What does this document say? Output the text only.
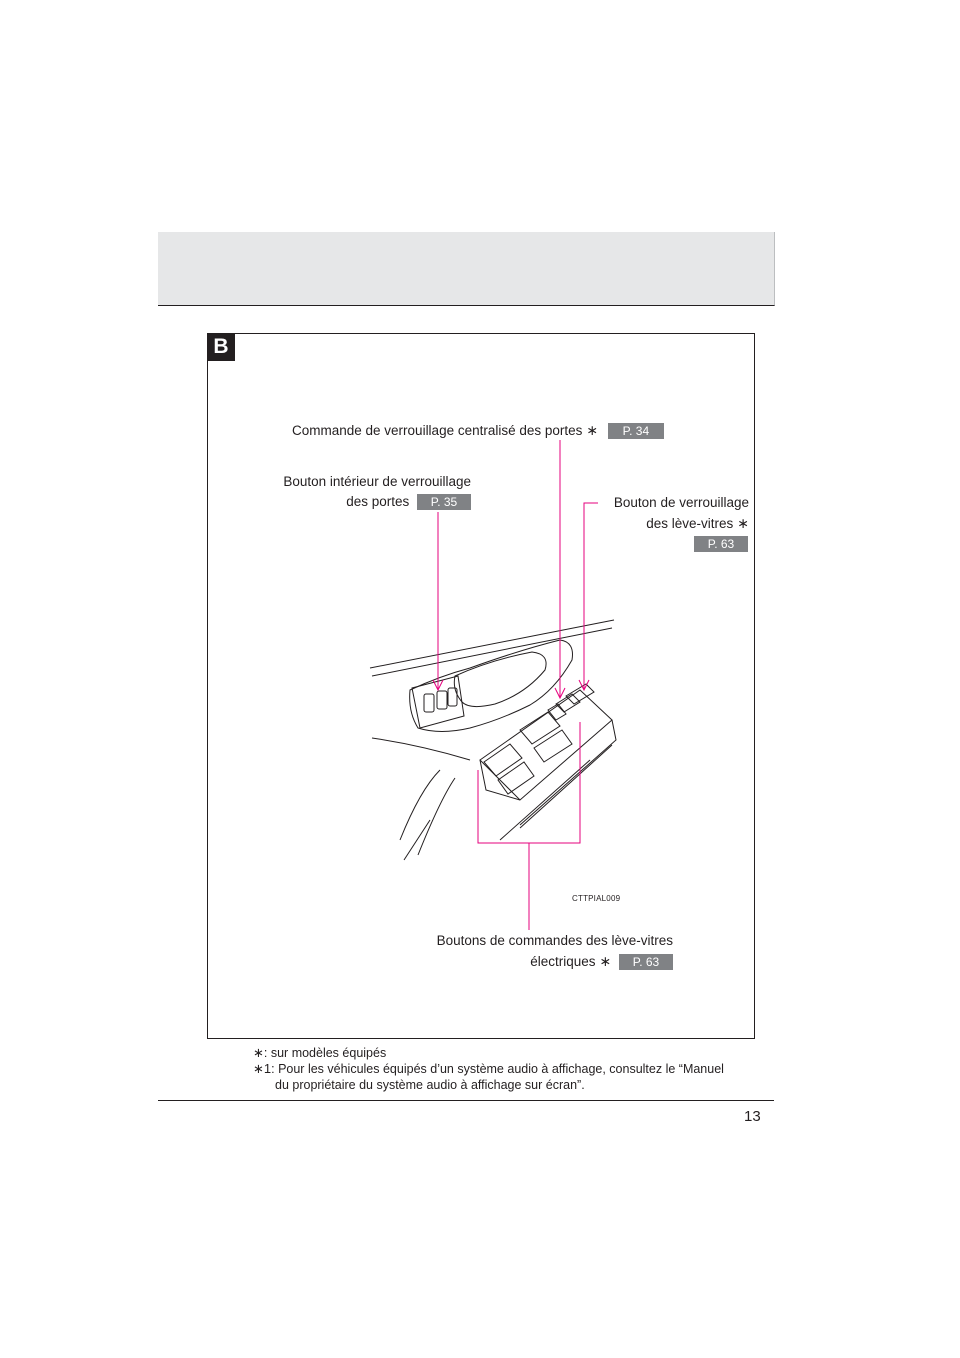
B
Commande de verrouillage centralisé des portes ∗ P. 34
Bouton intérieur de verrouillage
des portes P. 35	Bouton de verrouillage
des lève-vitres ∗
P. 63
CTTPIAL009
Boutons de commandes des lève-vitres
électriques ∗ P. 63
∗: sur modèles équipés
∗1: Pour les véhicules équipés d’un système audio à affichage, consultez le “Manuel
du propriétaire du système audio à affichage sur écran”.
13
